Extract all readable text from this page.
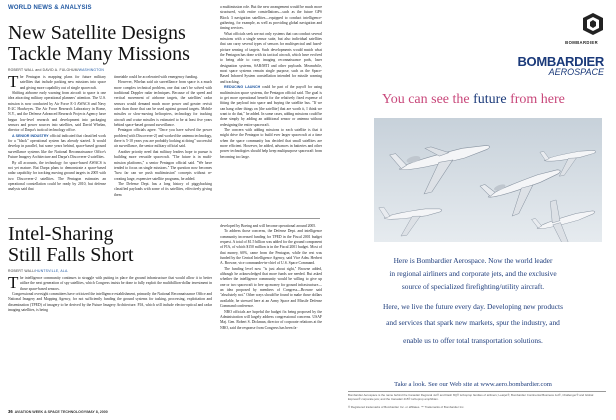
WORLD NEWS & ANALYSIS
New Satellite Designs
Tackle Many Missions
ROBERT WALL and DAVID A. FULGHUM/WASHINGTON

The Pentagon is mapping plans for future military satellites that include packing new missions into space and giving more capability out of single spacecraft.

Shifting airborne early warning from aircraft to space is one idea attracting military operational planners' attention. The U.S. mission is now conducted by Air Force E-3 AWACS and Navy E-2C Hawkeyes. The Air Force Research Laboratory in Rome, N.Y., and the Defense Advanced Research Projects Agency have begun low-level research and development into packaging sensors and power sources into satellites, said David Whelan, director of Darpa's tactical technology office.

A SENIOR INDUSTRY official indicated that classified work for a "black" operational system has already started. It would develop in parallel, but some years behind, space-based ground surveillance systems like the National Reconnaissance Office's Future Imagery Architecture and Darpa's Discoverer-2 satellites.

By all accounts, the technology for space-based AWACS is not yet mature. But Darpa plans to demonstrate a space-based radar capability for tracking moving ground targets in 2005 with two Discoverer-2 satellites. The Pentagon estimates an operational constellation could be ready by 2010, but defense analysts said that

timetable could be accelerated with emergency funding.

However, Whelan said air surveillance from space is a much more complex technical problem, one that can't be solved with traditional Doppler radar techniques. Because of the speed and vertical movement of airborne targets, the satellites' radar sensors would demand much more power and greater revisit rates than those that can be used against ground targets. Mobile missiles or slow-moving helicopters, technology for tracking aircraft and cruise missiles is estimated to be at least five years behind space-based ground surveillance.

Pentagon officials agree. "Once you have solved the power problem [with Discoverer-2] and worked the antenna technology, there is 5-10 years you are probably looking at doing" successful air surveillance, the senior military official said.

Another priority need that military leaders hope to pursue is building more versatile spacecraft. "The future is in multi-mission platforms," a senior Pentagon official said. "We have tended to focus on single missions." The question now becomes "how far can we push multimission" concepts without re-creating large, expensive satellite programs, he added.

The Defense Dept. has a long history of piggybacking classified payloads with some of its satellites, effectively giving them

a multimission role. But the new arrangement would be much more structured, with entire constellations—such as the future GPS Block 3 navigation satellites—equipped to conduct intelligence-gathering, for example, as well as providing global navigation and timing services.

What officials seek are not only systems that can conduct several missions with a single sensor suite, but also individual satellites that can carry several types of sensors for multispectral and fused-picture sensing of targets. Such developments would match what the Pentagon has done with its tactical aircraft, which have evolved to being able to carry imaging reconnaissance pods, laser designation systems, SAR/MTI and other payloads. Meanwhile, most space systems remain single purpose, such as the Space-Based Infrared System constellation intended for missile warning and tracking.

REDUCING LAUNCH could be part of the payoff for using multimission space systems, the Pentagon official said. The goal is to get more operational benefit for the relatively fixed expense of fitting the payload into space and buying the satellite bus. "If we can hang other things on [the satellite] that are worth it, I think we want to do that," he added. In some cases, adding missions could be done simply by adding an additional sensor or antenna without redesigning the entire spacecraft.

The concern with adding missions to each satellite is that it might drive the Pentagon to build ever larger spacecraft at a time when the space community has decided that small satellites are more efficient. However, he added, advances in batteries and other power technologies should help keep multipurpose spacecraft from becoming too large.

Intel-Sharing
Still Falls Short
ROBERT WALL/HUNTSVILLE, ALA.

The intelligence community continues to struggle with putting in place the ground infrastructure that would allow it to better utilize the next generation of spy satellites, which Congress insists be done to fully exploit the multibillion-dollar investment in those space-based sensors.

Congressional oversight committees have criticized the intelligence establishment, primarily the National Reconnaissance Office and National Imagery and Mapping Agency, for not sufficiently funding the ground systems for tasking, processing, exploitation and dissemination (TPED) of imagery to be derived by the Future Imagery Architecture. FIA, which will include electro-optical and radar imaging satellites, is being

developed by Boeing and will become operational around 2005.

To address those concerns, the Defense Dept. and intelligence community increased funding for TPED in the Fiscal 2001 budget request. A total of $1.5 billion was added for the ground component of FIA, of which $150 million is in the Fiscal 2001 budget. Most of that money, 60%, came from the Pentagon, while the rest was funded by the Central Intelligence Agency, said Vice Adm. Herbert A. Browne, vice commander-in-chief of U.S. Space Command.

The funding level now "is just about right," Browne added, although he acknowledged that more funds are needed. But asked whether the intelligence community would be willing to give up one or two spacecraft to free up money for ground infrastructure—an idea proposed by members of Congress—Browne said "absolutely not." Other ways should be found to make those dollars available, he stressed here at an Army Space and Missile Defense Command conference.

NRO officials are hopeful the budget fix being proposed by the Administration will largely address congressional concerns. USAF Maj. Gen. Robert S. Dickman, director of corporate relations at the NRO, said the response from Congress has been fa-

36 AVIATION WEEK & SPACE TECHNOLOGY/MAY 8, 2000
BOMBARDIER
BOMBARDIER
AEROSPACE
You can see the future from here
Here is Bombardier Aerospace. Now the world leader
in regional airliners and corporate jets, and the exclusive
source of specialized firefighting/utility aircraft.
Here, we live the future every day. Developing new products
and services that spark new markets, spur the industry, and
enable us to offer total transportation solutions.
Take a look. See our Web site at www.aero.bombardier.com
Bombardier Aerospace is the name behind the Canadair Regional Jet® and Dash 8Q® turboprop families of airliners; Learjet®, Bombardier Continental Business Jet®, Challenger® and Global Express® corporate jets; and the Canadair 415® turboprop amphibian.
® Registered trademarks of Bombardier Inc. or affiliates. ™ Trademarks of Bombardier Inc.
